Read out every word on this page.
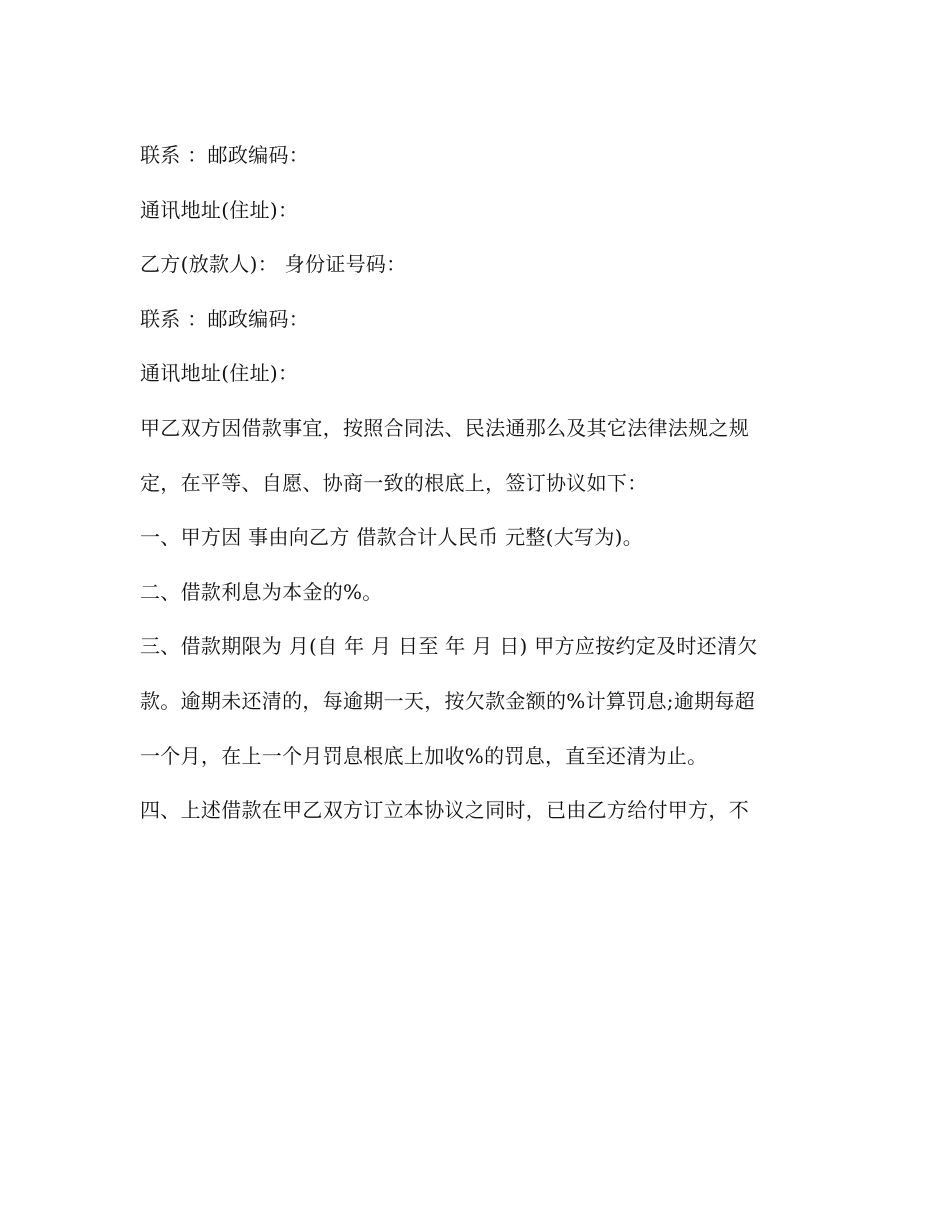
联系 ：邮政编码：
通讯地址(住址)：
乙方(放款人)： 身份证号码：
联系 ：邮政编码：
通讯地址(住址)：
甲乙双方因借款事宜，按照合同法、民法通那么及其它法律法规之规
定，在平等、自愿、协商一致的根底上，签订协议如下：
一、甲方因 事由向乙方 借款合计人民币 元整(大写为)。
二、借款利息为本金的%。
三、借款期限为 月(自 年 月 日至 年 月 日) 甲方应按约定及时还清欠
款。逾期未还清的，每逾期一天，按欠款金额的%计算罚息;逾期每超
一个月，在上一个月罚息根底上加收%的罚息，直至还清为止。
四、上述借款在甲乙双方订立本协议之同时，已由乙方给付甲方，不
